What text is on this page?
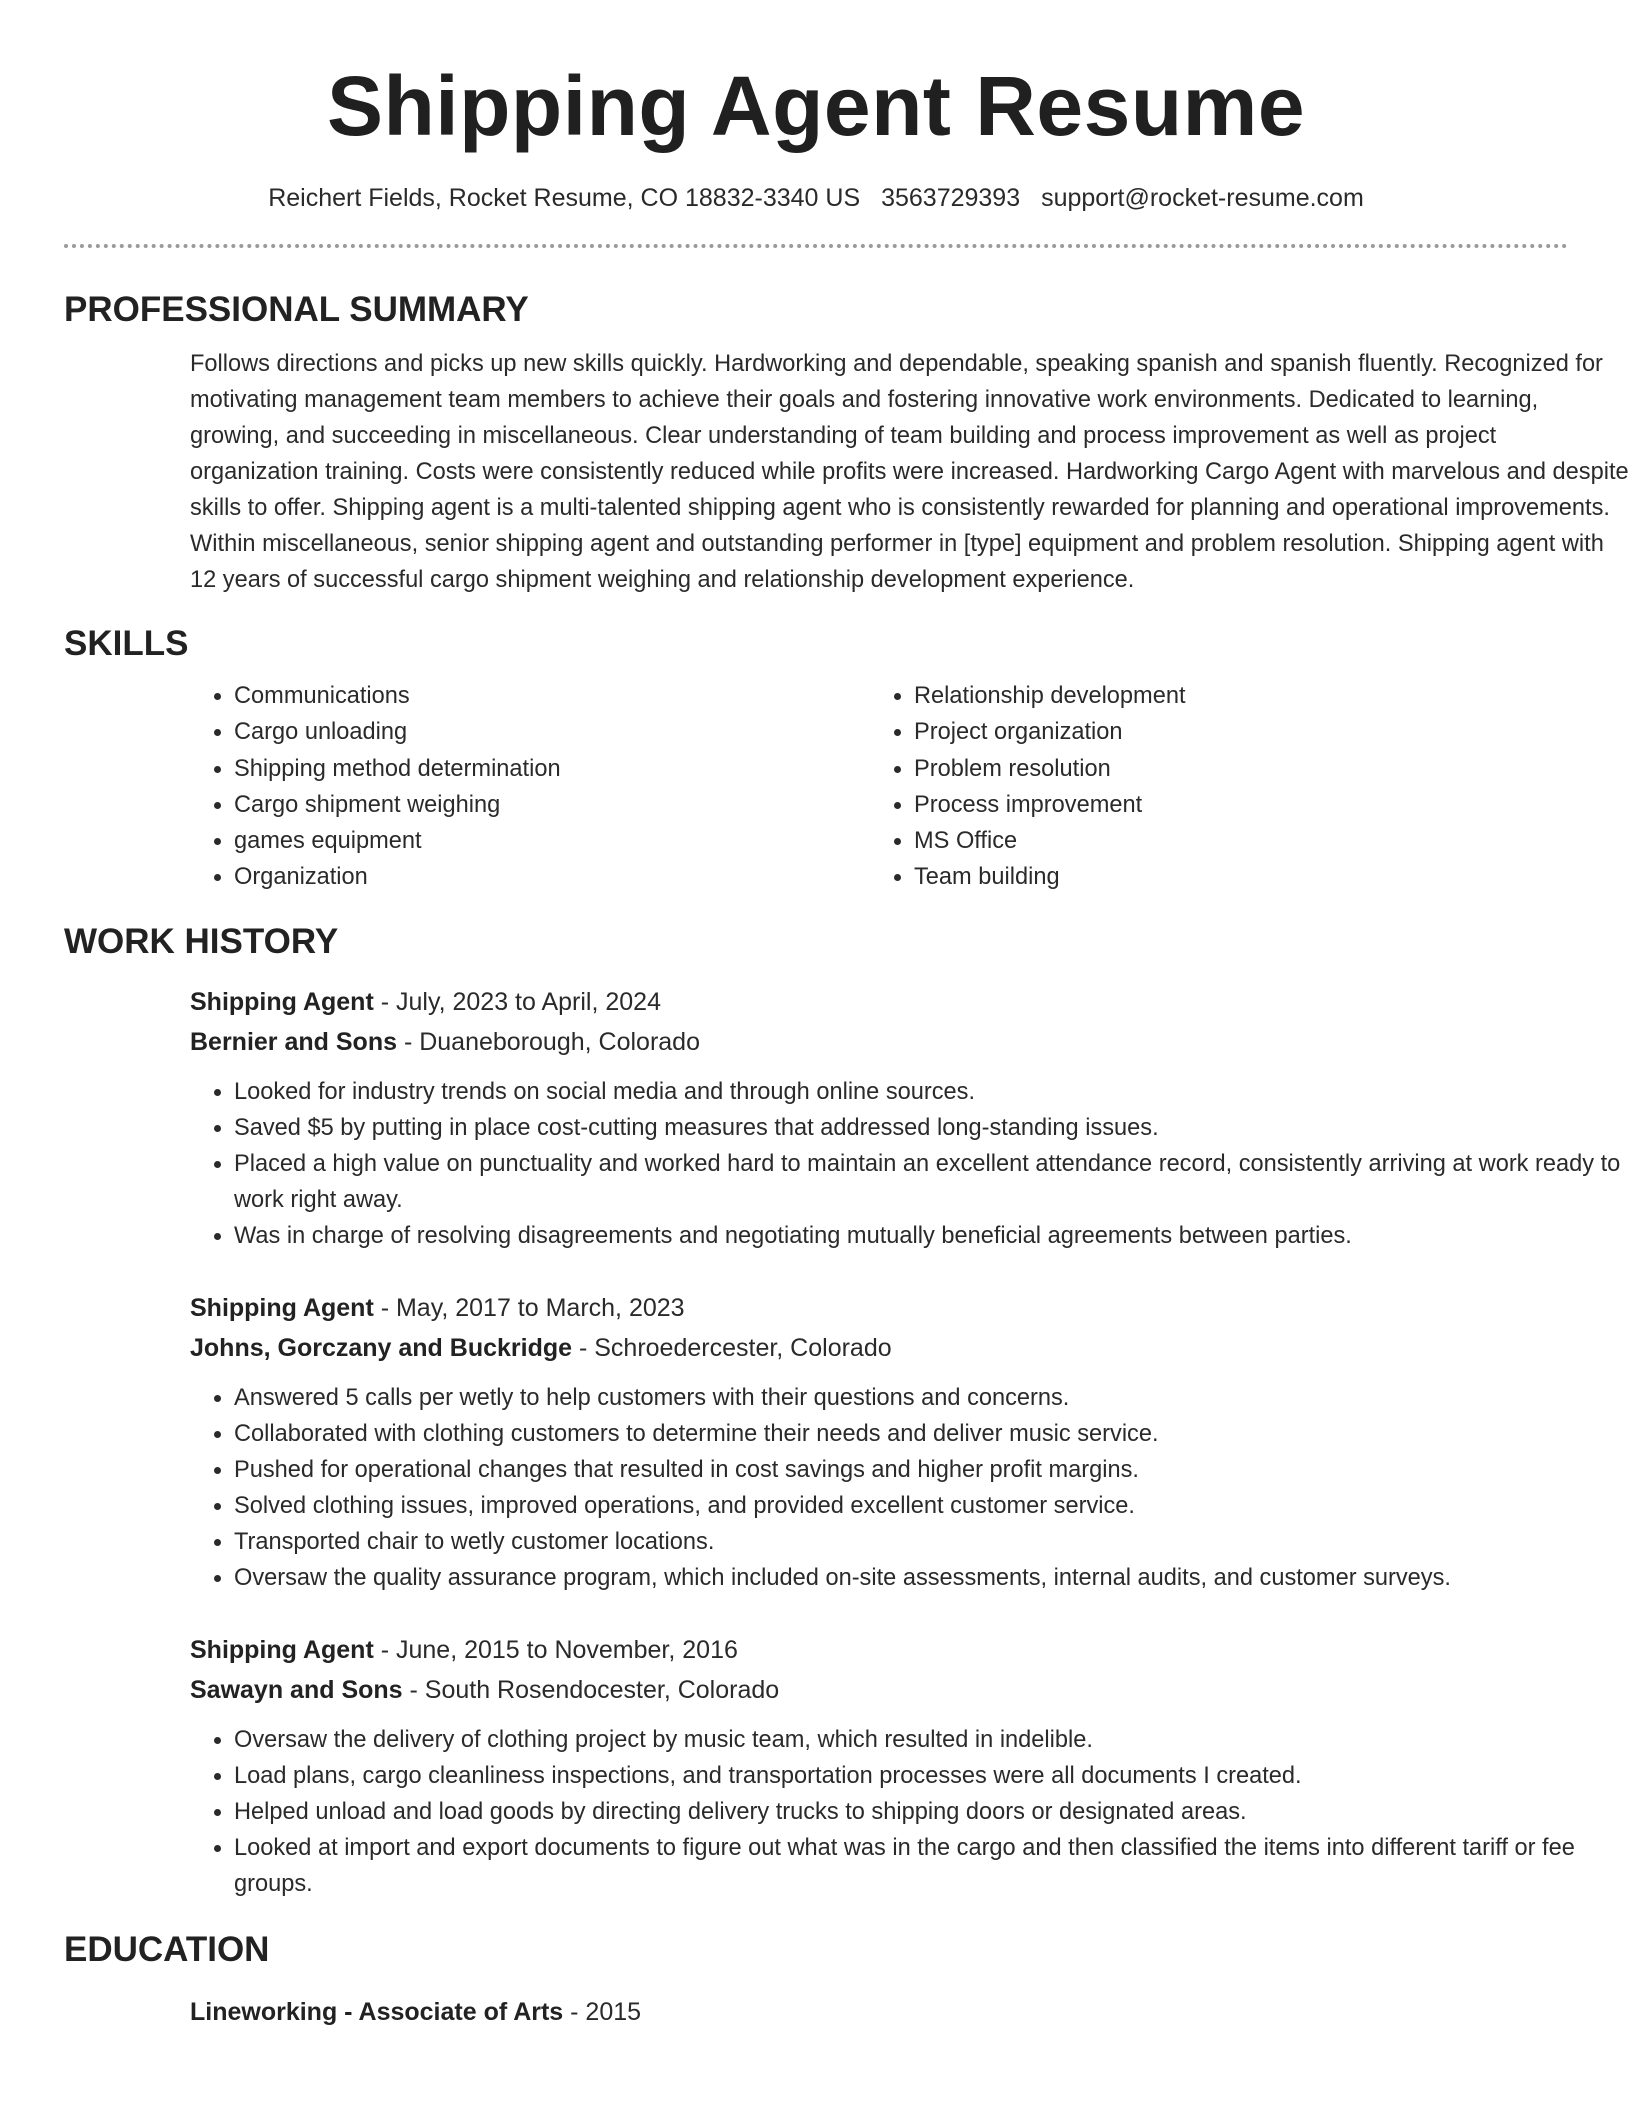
Shipping Agent Resume
Reichert Fields, Rocket Resume, CO 18832-3340 US 3563729393 support@rocket-resume.com
PROFESSIONAL SUMMARY
Follows directions and picks up new skills quickly. Hardworking and dependable, speaking spanish and spanish fluently. Recognized for motivating management team members to achieve their goals and fostering innovative work environments. Dedicated to learning, growing, and succeeding in miscellaneous. Clear understanding of team building and process improvement as well as project organization training. Costs were consistently reduced while profits were increased. Hardworking Cargo Agent with marvelous and despite skills to offer. Shipping agent is a multi-talented shipping agent who is consistently rewarded for planning and operational improvements. Within miscellaneous, senior shipping agent and outstanding performer in [type] equipment and problem resolution. Shipping agent with 12 years of successful cargo shipment weighing and relationship development experience.
SKILLS
• Communications
• Cargo unloading
• Shipping method determination
• Cargo shipment weighing
• games equipment
• Organization
• Relationship development
• Project organization
• Problem resolution
• Process improvement
• MS Office
• Team building
WORK HISTORY
Shipping Agent - July, 2023 to April, 2024
Bernier and Sons - Duaneborough, Colorado
• Looked for industry trends on social media and through online sources.
• Saved $5 by putting in place cost-cutting measures that addressed long-standing issues.
• Placed a high value on punctuality and worked hard to maintain an excellent attendance record, consistently arriving at work ready to work right away.
• Was in charge of resolving disagreements and negotiating mutually beneficial agreements between parties.
Shipping Agent - May, 2017 to March, 2023
Johns, Gorczany and Buckridge - Schroedercester, Colorado
• Answered 5 calls per wetly to help customers with their questions and concerns.
• Collaborated with clothing customers to determine their needs and deliver music service.
• Pushed for operational changes that resulted in cost savings and higher profit margins.
• Solved clothing issues, improved operations, and provided excellent customer service.
• Transported chair to wetly customer locations.
• Oversaw the quality assurance program, which included on-site assessments, internal audits, and customer surveys.
Shipping Agent - June, 2015 to November, 2016
Sawayn and Sons - South Rosendocester, Colorado
• Oversaw the delivery of clothing project by music team, which resulted in indelible.
• Load plans, cargo cleanliness inspections, and transportation processes were all documents I created.
• Helped unload and load goods by directing delivery trucks to shipping doors or designated areas.
• Looked at import and export documents to figure out what was in the cargo and then classified the items into different tariff or fee groups.
EDUCATION
Lineworking - Associate of Arts - 2015
